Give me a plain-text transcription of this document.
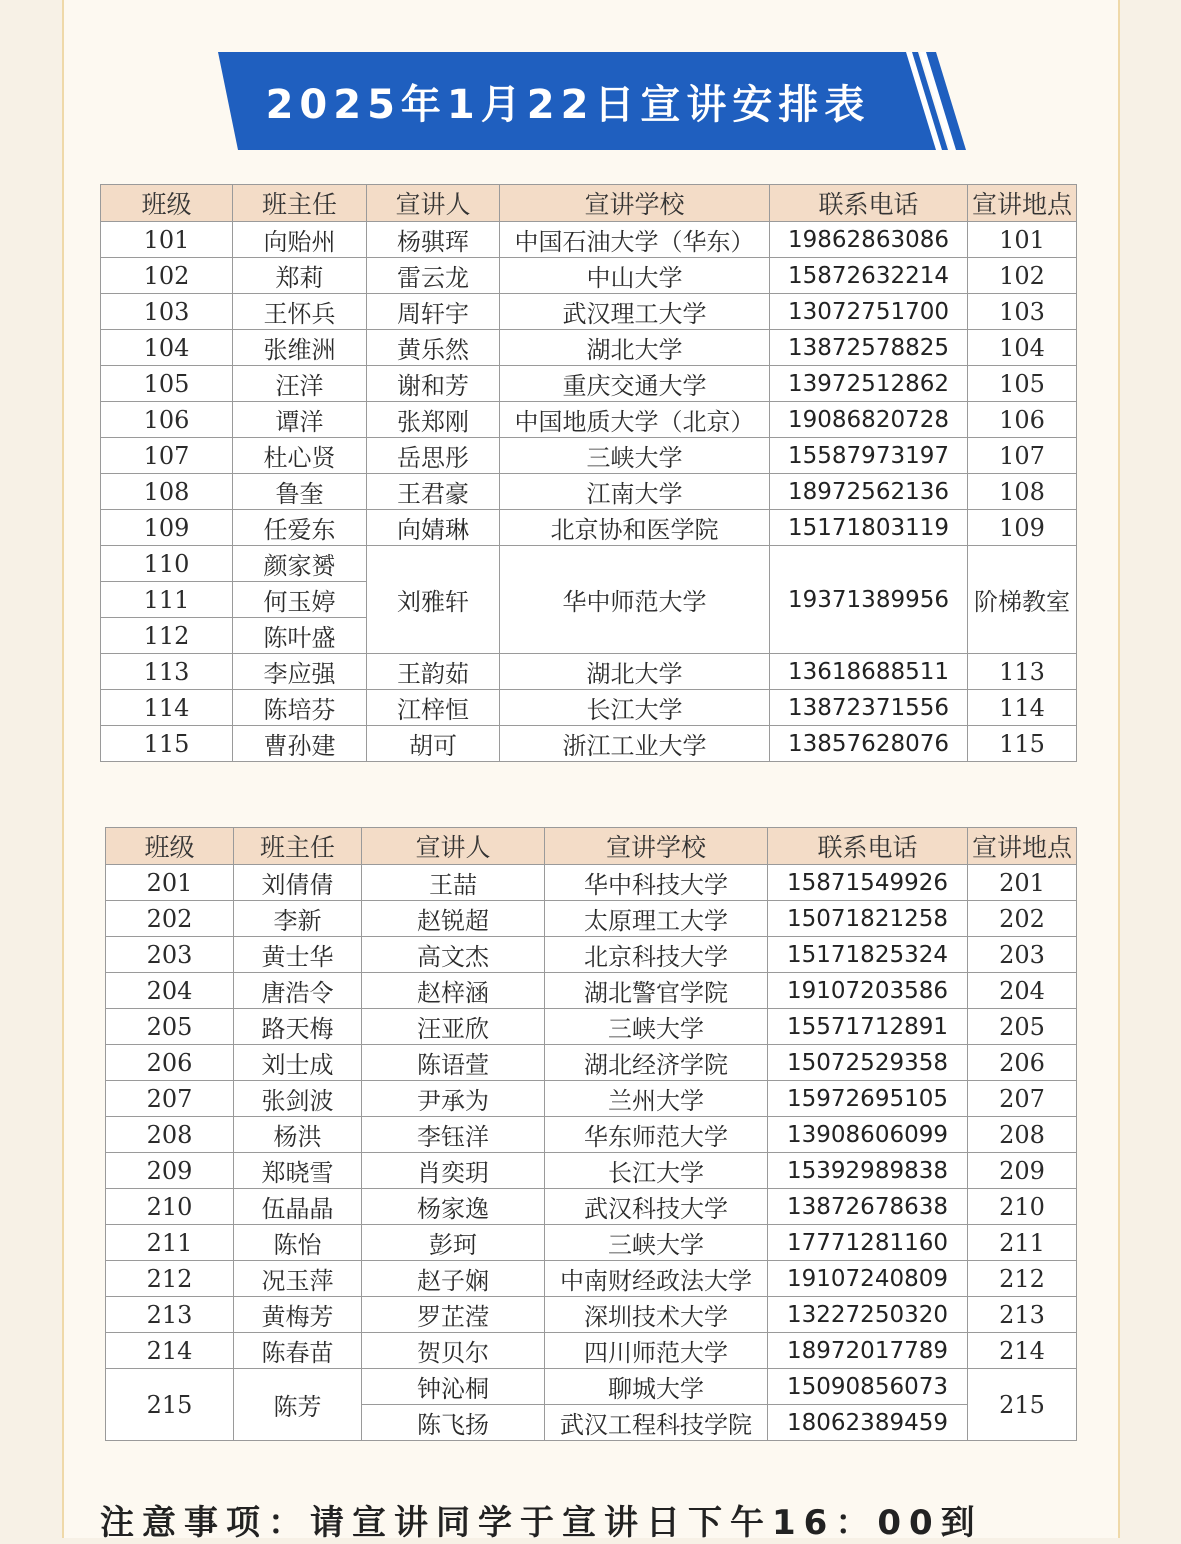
2025年1月22日宣讲安排表
班级	班主任	宣讲人	宣讲学校	联系电话	宣讲地点
101	向贻州	杨骐珲	中国石油大学（华东）	19862863086	101
102	郑莉	雷云龙	中山大学	15872632214	102
103	王怀兵	周轩宇	武汉理工大学	13072751700	103
104	张维洲	黄乐然	湖北大学	13872578825	104
105	汪洋	谢和芳	重庆交通大学	13972512862	105
106	谭洋	张郑刚	中国地质大学（北京）	19086820728	106
107	杜心贤	岳思彤	三峡大学	15587973197	107
108	鲁奎	王君豪	江南大学	18972562136	108
109	任爱东	向婧琳	北京协和医学院	15171803119	109
110	颜家赟	刘雅轩	华中师范大学	19371389956	阶梯教室
111	何玉婷				
112	陈叶盛				
113	李应强	王韵茹	湖北大学	13618688511	113
114	陈培芬	江梓恒	长江大学	13872371556	114
115	曹孙建	胡可	浙江工业大学	13857628076	115
班级	班主任	宣讲人	宣讲学校	联系电话	宣讲地点
201	刘倩倩	王喆	华中科技大学	15871549926	201
202	李新	赵锐超	太原理工大学	15071821258	202
203	黄士华	高文杰	北京科技大学	15171825324	203
204	唐浩令	赵梓涵	湖北警官学院	19107203586	204
205	路天梅	汪亚欣	三峡大学	15571712891	205
206	刘士成	陈语萱	湖北经济学院	15072529358	206
207	张剑波	尹承为	兰州大学	15972695105	207
208	杨洪	李钰洋	华东师范大学	13908606099	208
209	郑晓雪	肖奕玥	长江大学	15392989838	209
210	伍晶晶	杨家逸	武汉科技大学	13872678638	210
211	陈怡	彭珂	三峡大学	17771281160	211
212	况玉萍	赵子娴	中南财经政法大学	19107240809	212
213	黄梅芳	罗芷滢	深圳技术大学	13227250320	213
214	陈春苗	贺贝尔	四川师范大学	18972017789	214
215	陈芳	钟沁桐	聊城大学	15090856073	215
		陈飞扬	武汉工程科技学院	18062389459	
注意事项：请宣讲同学于宣讲日下午16：00到
